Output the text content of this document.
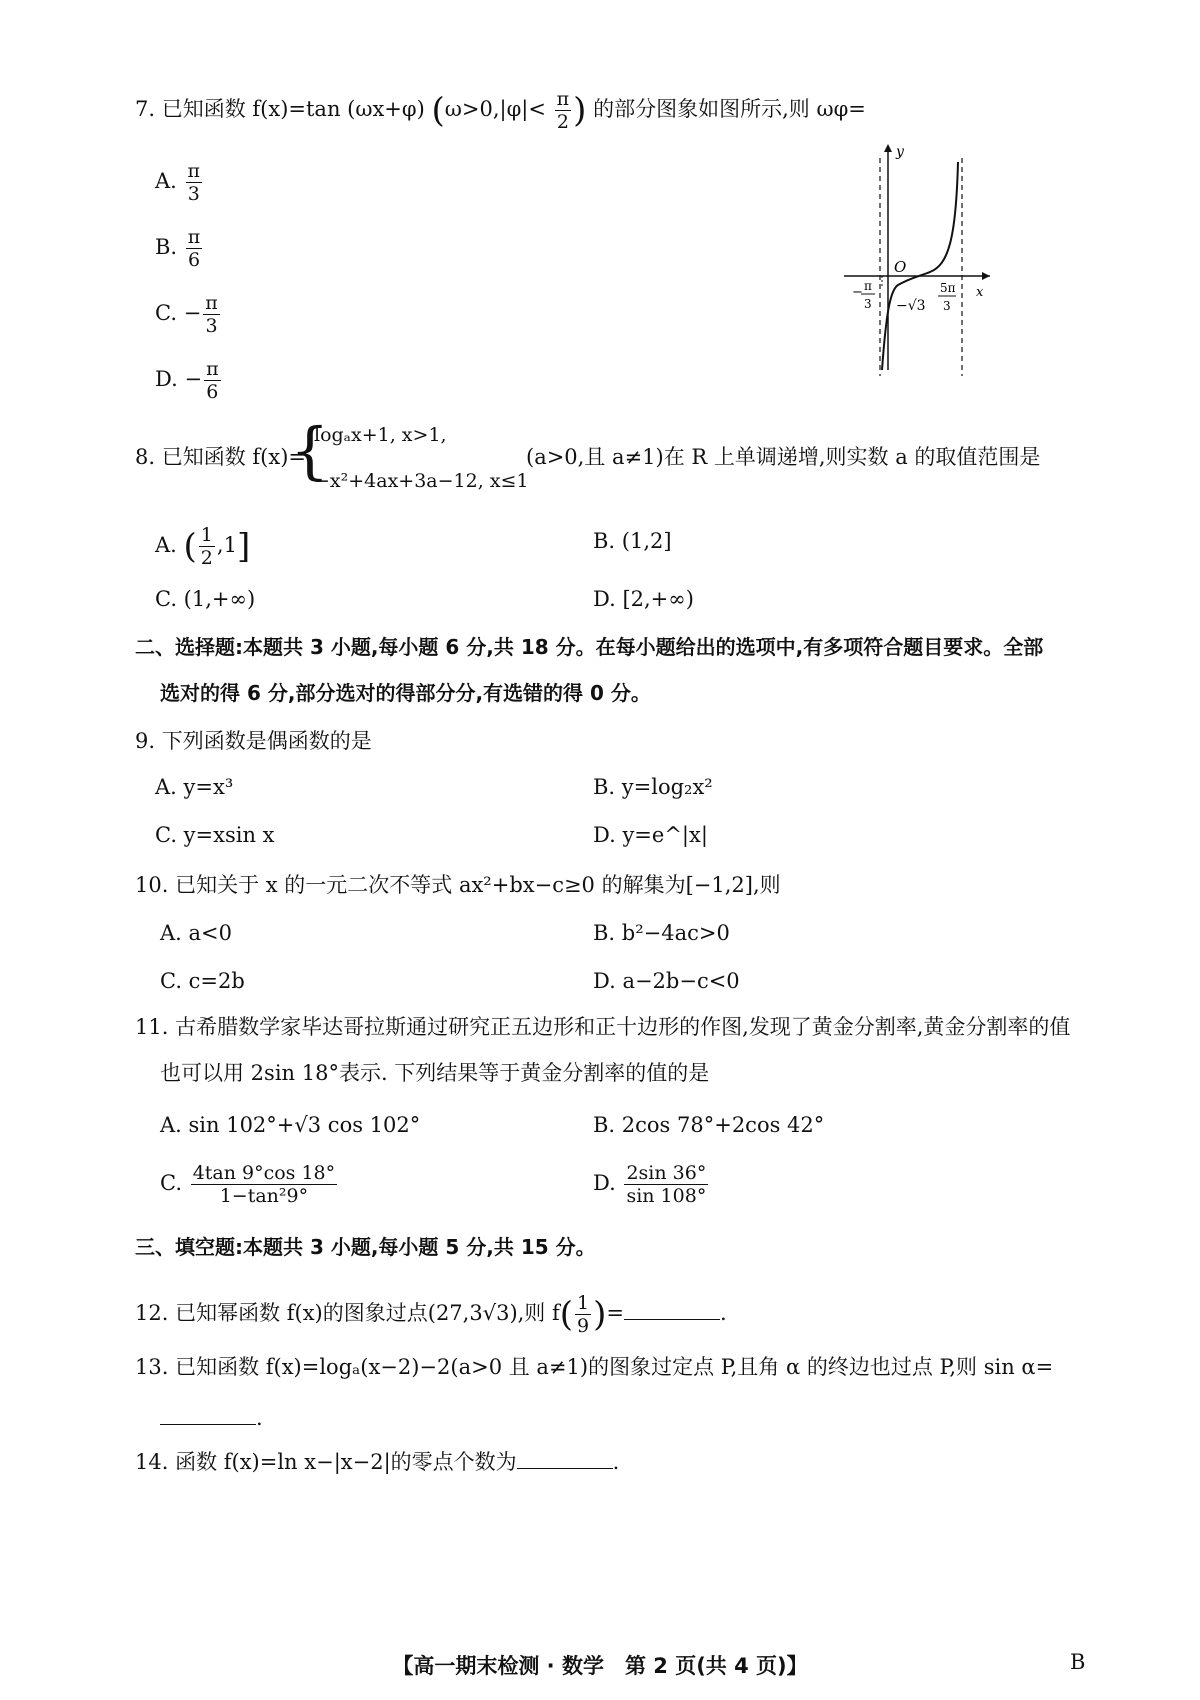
7. 已知函数 f(x)=tan (ωx+φ) ($\omega>0,|\varphi|< \frac{\pi}{2}$ ) 的部分图象如图所示,则 ωφ=
A. $\frac{\pi}{3}$
B. $\frac{\pi}{6}$
C. − $\frac{\pi}{3}$
D. − $\frac{\pi}{6}$
y
O
x
− π
3 −√3
5π
3
8. 已知函数 f(x)=
{
logₐx+1, x>1,
−x²+4ax+3a−12, x≤1
(a>0,且 a≠1)在 R 上单调递增,则实数 a 的取值范围是
A. ( $\frac{1}{2} ,1$]	B. (1,2]
C. (1,+∞)	D. [2,+∞)
二、选择题:本题共 3 小题,每小题 6 分,共 18 分。在每小题给出的选项中,有多项符合题目要求。全部
选对的得 6 分,部分选对的得部分分,有选错的得 0 分。
9. 下列函数是偶函数的是
A. y=x³	B. y=log₂x²
C. y=xsin x	D. y=e^|x|
10. 已知关于 x 的一元二次不等式 ax²+bx−c≥0 的解集为[−1,2],则
A. a<0	B. b²−4ac>0
C. c=2b	D. a−2b−c<0
11. 古希腊数学家毕达哥拉斯通过研究正五边形和正十边形的作图,发现了黄金分割率,黄金分割率的值
也可以用 2sin 18°表示. 下列结果等于黄金分割率的值的是
A. sin 102°+√3 cos 102°	B. 2cos 78°+2cos 42°
C. $\frac{4\tan 9^\circ\cos 18^\circ}{\text{1−tan²9°}}$	D. $\frac{2\sin 36^\circ}{\sin 108^\circ}$
三、填空题:本题共 3 小题,每小题 5 分,共 15 分。
12. 已知幂函数 f(x)的图象过点(27,3√3),则 $f( \frac{1}{9}$ )=	.
13. 已知函数 f(x)=logₐ(x−2)−2(a>0 且 a≠1)的图象过定点 P,且角 α 的终边也过点 P,则 sin α=
.
14. 函数 f(x)=ln x−|x−2|的零点个数为	.
【高一期末检测 · 数学　第 2 页(共 4 页)】	B
